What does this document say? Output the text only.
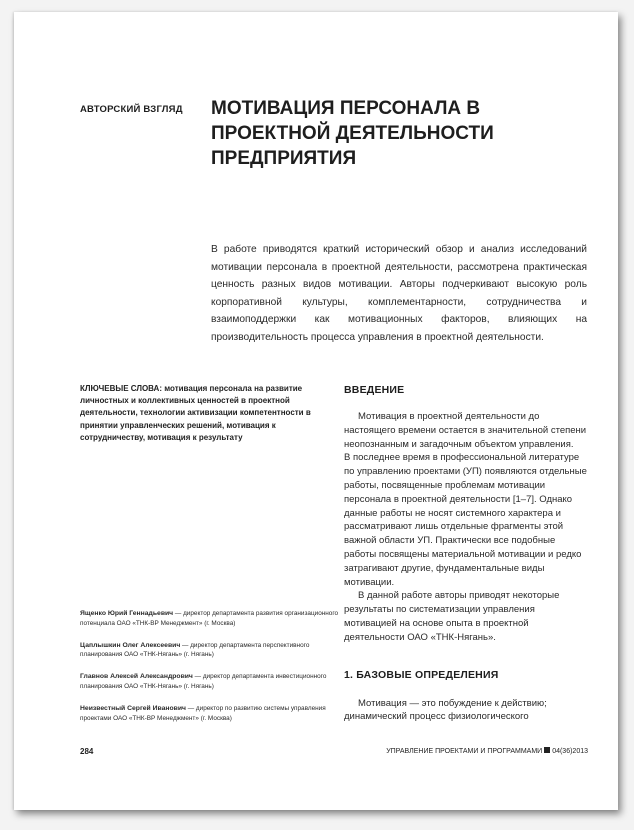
АВТОРСКИЙ ВЗГЛЯД МОТИВАЦИЯ ПЕРСОНАЛА В ПРОЕКТНОЙ ДЕЯТЕЛЬНОСТИ ПРЕДПРИЯТИЯ

В работе приводятся краткий исторический обзор и анализ исследований мотивации персонала в проектной деятельности, рассмотрена практическая ценность разных видов мотивации. Авторы подчеркивают высокую роль корпоративной культуры, комплементарности, сотрудничества и взаимоподдержки как мотивационных факторов, влияющих на производительность процесса управления в проектной деятельности.

КЛЮЧЕВЫЕ СЛОВА: мотивация персонала на развитие личностных и коллективных ценностей в проектной деятельности, технологии активизации компетентности в принятии управленческих решений, мотивация к сотрудничеству, мотивация к результату
Ященко Юрий Геннадьевич — директор департамента развития организационного потенциала ОАО «ТНК-ВР Менеджмент» (г. Москва)
Цаплышкин Олег Алексеевич — директор департамента перспективного планирования ОАО «ТНК-Нягань» (г. Нягань)
Главнов Алексей Александрович — директор департамента инвестиционного планирования ОАО «ТНК-Нягань» (г. Нягань)
Неизвестный Сергей Иванович — директор по развитию системы управления проектами ОАО «ТНК-ВР Менеджмент» (г. Москва)
ВВЕДЕНИЕ

Мотивация в проектной деятельности до настоящего времени остается в значительной степени неопознанным и загадочным объектом управления.

В последнее время в профессиональной литературе по управлению проектами (УП) появляются отдельные работы, посвященные проблемам мотивации персонала в проектной деятельности [1–7]. Однако данные работы не носят системного характера и рассматривают лишь отдельные фрагменты этой важной области УП. Практически все подобные работы посвящены материальной мотивации и редко затрагивают другие, фундаментальные виды мотивации.

В данной работе авторы приводят некоторые результаты по систематизации управления мотивацией на основе опыта в проектной деятельности ОАО «ТНК-Нягань».

1. БАЗОВЫЕ ОПРЕДЕЛЕНИЯ

Мотивация — это побуждение к действию; динамический процесс физиологического

284	УПРАВЛЕНИЕ ПРОЕКТАМИ И ПРОГРАММАМИ 04(36)2013
